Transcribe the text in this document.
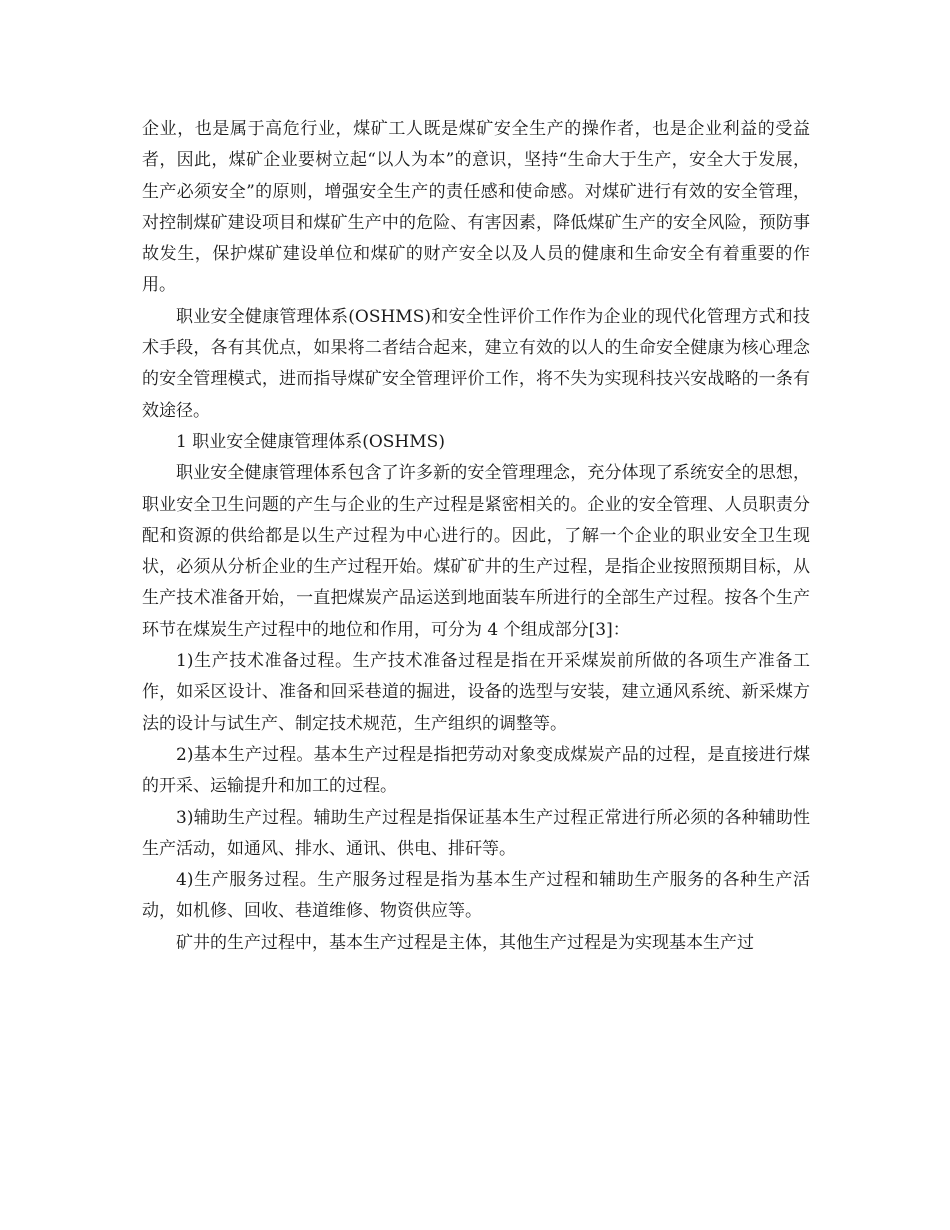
企业，也是属于高危行业，煤矿工人既是煤矿安全生产的操作者，也是企业利益的受益者，因此，煤矿企业要树立起“以人为本”的意识，坚持“生命大于生产，安全大于发展，生产必须安全”的原则，增强安全生产的责任感和使命感。对煤矿进行有效的安全管理，对控制煤矿建设项目和煤矿生产中的危险、有害因素，降低煤矿生产的安全风险，预防事故发生，保护煤矿建设单位和煤矿的财产安全以及人员的健康和生命安全有着重要的作用。

职业安全健康管理体系(OSHMS)和安全性评价工作作为企业的现代化管理方式和技术手段，各有其优点，如果将二者结合起来，建立有效的以人的生命安全健康为核心理念的安全管理模式，进而指导煤矿安全管理评价工作，将不失为实现科技兴安战略的一条有效途径。

1 职业安全健康管理体系(OSHMS)

职业安全健康管理体系包含了许多新的安全管理理念，充分体现了系统安全的思想，职业安全卫生问题的产生与企业的生产过程是紧密相关的。企业的安全管理、人员职责分配和资源的供给都是以生产过程为中心进行的。因此，了解一个企业的职业安全卫生现状，必须从分析企业的生产过程开始。煤矿矿井的生产过程，是指企业按照预期目标，从生产技术准备开始，一直把煤炭产品运送到地面装车所进行的全部生产过程。按各个生产环节在煤炭生产过程中的地位和作用，可分为 4 个组成部分[3]：

1)生产技术准备过程。生产技术准备过程是指在开采煤炭前所做的各项生产准备工作，如采区设计、准备和回采巷道的掘进，设备的选型与安装，建立通风系统、新采煤方法的设计与试生产、制定技术规范，生产组织的调整等。

2)基本生产过程。基本生产过程是指把劳动对象变成煤炭产品的过程，是直接进行煤的开采、运输提升和加工的过程。

3)辅助生产过程。辅助生产过程是指保证基本生产过程正常进行所必须的各种辅助性生产活动，如通风、排水、通讯、供电、排矸等。

4)生产服务过程。生产服务过程是指为基本生产过程和辅助生产服务的各种生产活动，如机修、回收、巷道维修、物资供应等。

矿井的生产过程中，基本生产过程是主体，其他生产过程是为实现基本生产过
